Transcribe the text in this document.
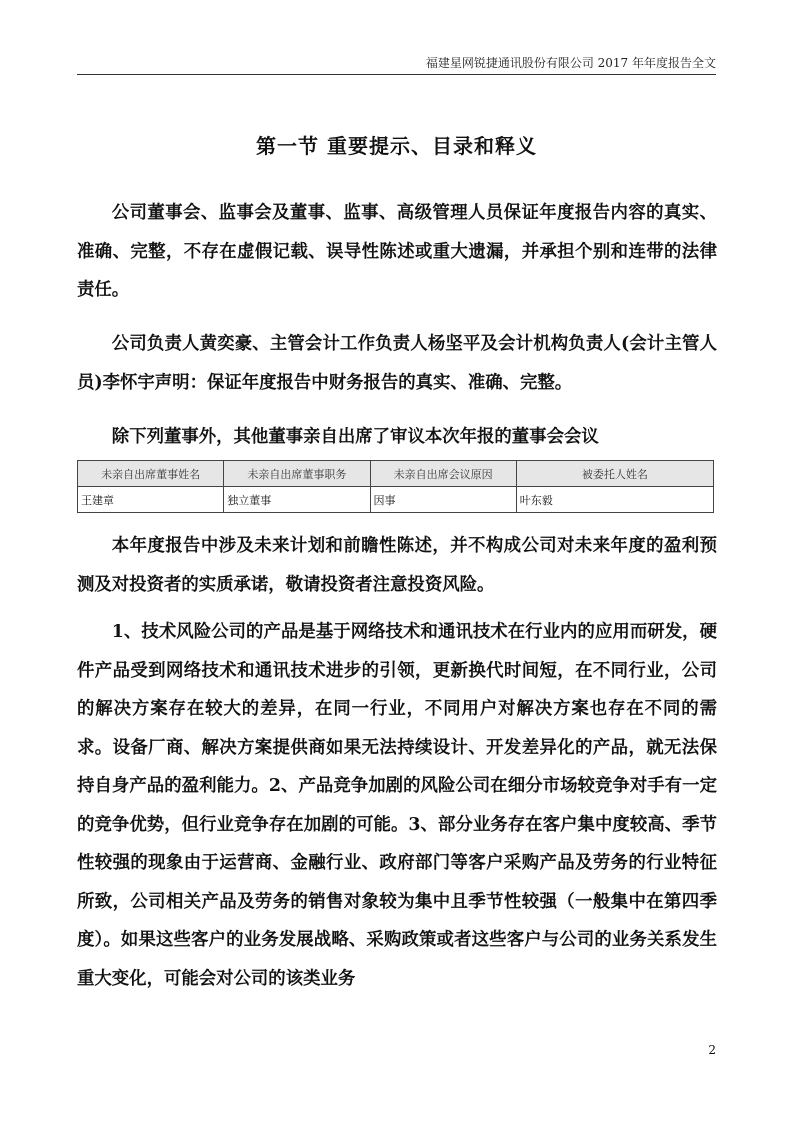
福建星网锐捷通讯股份有限公司 2017 年年度报告全文
第一节 重要提示、目录和释义

公司董事会、监事会及董事、监事、高级管理人员保证年度报告内容的真实、准确、完整，不存在虚假记载、误导性陈述或重大遗漏，并承担个别和连带的法律责任。

公司负责人黄奕豪、主管会计工作负责人杨坚平及会计机构负责人(会计主管人员)李怀宇声明：保证年度报告中财务报告的真实、准确、完整。

除下列董事外，其他董事亲自出席了审议本次年报的董事会会议

未亲自出席董事姓名	未亲自出席董事职务	未亲自出席会议原因	被委托人姓名
王建章	独立董事	因事	叶东毅

本年度报告中涉及未来计划和前瞻性陈述，并不构成公司对未来年度的盈利预测及对投资者的实质承诺，敬请投资者注意投资风险。

1、技术风险公司的产品是基于网络技术和通讯技术在行业内的应用而研发，硬件产品受到网络技术和通讯技术进步的引领，更新换代时间短，在不同行业，公司的解决方案存在较大的差异，在同一行业，不同用户对解决方案也存在不同的需求。设备厂商、解决方案提供商如果无法持续设计、开发差异化的产品，就无法保持自身产品的盈利能力。2、产品竞争加剧的风险公司在细分市场较竞争对手有一定的竞争优势，但行业竞争存在加剧的可能。3、部分业务存在客户集中度较高、季节性较强的现象由于运营商、金融行业、政府部门等客户采购产品及劳务的行业特征所致，公司相关产品及劳务的销售对象较为集中且季节性较强（一般集中在第四季度）。如果这些客户的业务发展战略、采购政策或者这些客户与公司的业务关系发生重大变化，可能会对公司的该类业务

2
